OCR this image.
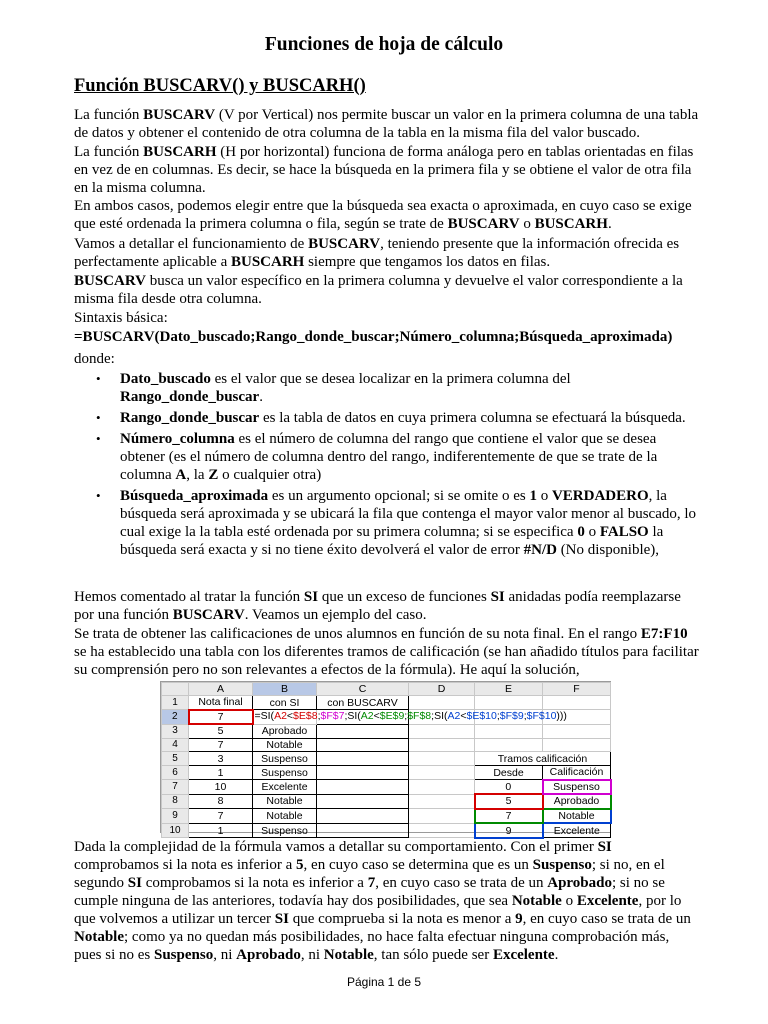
Funciones de hoja de cálculo
Función BUSCARV() y BUSCARH()

La función BUSCARV (V por Vertical) nos permite buscar un valor en la primera columna de una tabla de datos y obtener el contenido de otra columna de la tabla en la misma fila del valor buscado.

La función BUSCARH (H por horizontal) funciona de forma análoga pero en tablas orientadas en filas en vez de en columnas. Es decir, se hace la búsqueda en la primera fila y se obtiene el valor de otra fila en la misma columna.

En ambos casos, podemos elegir entre que la búsqueda sea exacta o aproximada, en cuyo caso se exige que esté ordenada la primera columna o fila, según se trate de BUSCARV o BUSCARH.

Vamos a detallar el funcionamiento de BUSCARV, teniendo presente que la información ofrecida es perfectamente aplicable a BUSCARH siempre que tengamos los datos en filas.

BUSCARV busca un valor específico en la primera columna y devuelve el valor correspondiente a la misma fila desde otra columna.

Sintaxis básica:

=BUSCARV(Dato_buscado;Rango_donde_buscar;Número_columna;Búsqueda_aproximada)

donde:

• Dato_buscado es el valor que se desea localizar en la primera columna del Rango_donde_buscar.
• Rango_donde_buscar es la tabla de datos en cuya primera columna se efectuará la búsqueda.
• Número_columna es el número de columna del rango que contiene el valor que se desea obtener (es el número de columna dentro del rango, indiferentemente de que se trate de la columna A, la Z o cualquier otra)
• Búsqueda_aproximada es un argumento opcional; si se omite o es 1 o VERDADERO, la búsqueda será aproximada y se ubicará la fila que contenga el mayor valor menor al buscado, lo cual exige la la tabla esté ordenada por su primera columna; si se especifica 0 o FALSO la búsqueda será exacta y si no tiene éxito devolverá el valor de error #N/D (No disponible),

Hemos comentado al tratar la función SI que un exceso de funciones SI anidadas podía reemplazarse por una función BUSCARV. Veamos un ejemplo del caso.

Se trata de obtener las calificaciones de unos alumnos en función de su nota final. En el rango E7:F10 se ha establecido una tabla con los diferentes tramos de calificación (se han añadido títulos para facilitar su comprensión pero no son relevantes a efectos de la fórmula). He aquí la solución,

	A	B	C	D	E	F
1	Nota final	con SI	con BUSCARV			
2	7	=SI(A2<$E$8;$F$7;SI(A2<$E$9;$F$8;SI(A2<$E$10;$F$9;$F$10)))				

3	5	Aprobado				
4	7	Notable				
5	3	Suspenso			Tramos calificación	
6	1	Suspenso			Desde	Calificación
7	10	Excelente			0	Suspenso
8	8	Notable			5	Aprobado
9	7	Notable			7	Notable
10	1	Suspenso			9	Excelente

Dada la complejidad de la fórmula vamos a detallar su comportamiento. Con el primer SI comprobamos si la nota es inferior a 5, en cuyo caso se determina que es un Suspenso; si no, en el segundo SI comprobamos si la nota es inferior a 7, en cuyo caso se trata de un Aprobado; si no se cumple ninguna de las anteriores, todavía hay dos posibilidades, que sea Notable o Excelente, por lo que volvemos a utilizar un tercer SI que comprueba si la nota es menor a 9, en cuyo caso se trata de un Notable; como ya no quedan más posibilidades, no hace falta efectuar ninguna comprobación más, pues si no es Suspenso, ni Aprobado, ni Notable, tan sólo puede ser Excelente.

Página 1 de 5
